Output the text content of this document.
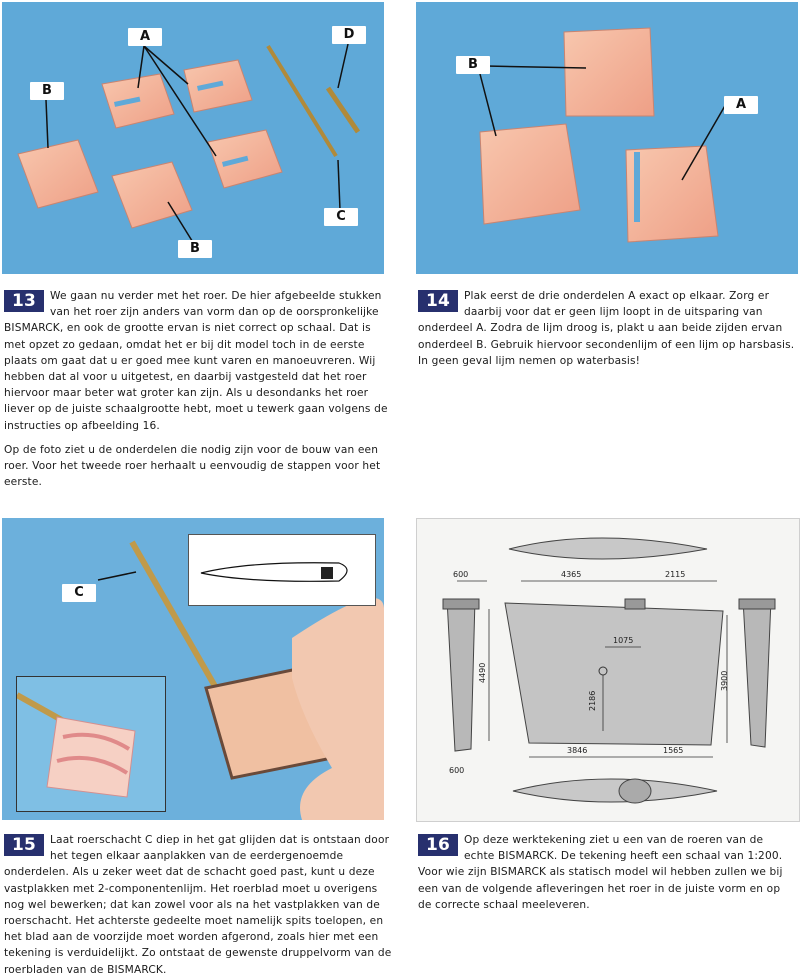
A
B
B
C
D
B
A
13	We gaan nu verder met het roer. De hier afgebeelde stukken van het roer zijn anders van vorm dan op de oorspronkelijke BISMARCK, en ook de grootte ervan is niet correct op schaal. Dat is met opzet zo gedaan, omdat het er bij dit model toch in de eerste plaats om gaat dat u er goed mee kunt varen en manoeuvreren. Wij hebben dat al voor u uitgetest, en daarbij vastgesteld dat het roer hiervoor maar beter wat groter kan zijn. Als u desondanks het roer liever op de juiste schaalgrootte hebt, moet u tewerk gaan volgens de instructies op afbeelding 16.

Op de foto ziet u de onderdelen die nodig zijn voor de bouw van een roer. Voor het tweede roer herhaalt u eenvoudig de stappen voor het eerste.

14	Plak eerst de drie onderdelen A exact op elkaar. Zorg er daarbij voor dat er geen lijm loopt in de uitsparing van onderdeel A. Zodra de lijm droog is, plakt u aan beide zijden ervan onderdeel B. Gebruik hiervoor secondenlijm of een lijm op harsbasis. In geen geval lijm nemen op waterbasis!

C
600	4365	2115
4490
1075
2186
3900
3846	1565
600
15	Laat roerschacht C diep in het gat glijden dat is ontstaan door het tegen elkaar aanplakken van de eerdergenoemde onderdelen. Als u zeker weet dat de schacht goed past, kunt u deze vastplakken met 2-componentenlijm. Het roerblad moet u overigens nog wel bewerken; dat kan zowel voor als na het vastplakken van de roerschacht. Het achterste gedeelte moet namelijk spits toelopen, en het blad aan de voorzijde moet worden afgerond, zoals hier met een tekening is verduidelijkt. Zo ontstaat de gewenste druppelvorm van de roerbladen van de BISMARCK.

16	Op deze werktekening ziet u een van de roeren van de echte BISMARCK. De tekening heeft een schaal van 1:200. Voor wie zijn BISMARCK als statisch model wil hebben zullen we bij een van de volgende afleveringen het roer in de juiste vorm en op de correcte schaal meeleveren.
